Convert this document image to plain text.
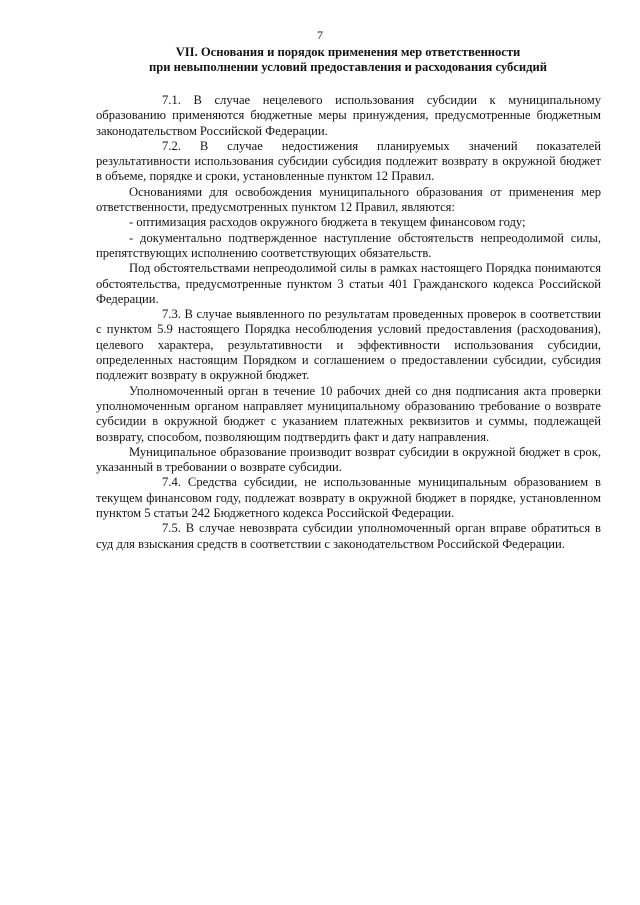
7
VII. Основания и порядок применения мер ответственности
при невыполнении условий предоставления и расходования субсидий

7.1. В случае нецелевого использования субсидии к муниципальному образованию применяются бюджетные меры принуждения, предусмотренные бюджетным законодательством Российской Федерации.

7.2. В случае недостижения планируемых значений показателей результативности использования субсидии субсидия подлежит возврату в окружной бюджет в объеме, порядке и сроки, установленные пунктом 12 Правил.

Основаниями для освобождения муниципального образования от применения мер ответственности, предусмотренных пунктом 12 Правил, являются:

- оптимизация расходов окружного бюджета в текущем финансовом году;

- документально подтвержденное наступление обстоятельств непреодолимой силы, препятствующих исполнению соответствующих обязательств.

Под обстоятельствами непреодолимой силы в рамках настоящего Порядка понимаются обстоятельства, предусмотренные пунктом 3 статьи 401 Гражданского кодекса Российской Федерации.

7.3. В случае выявленного по результатам проведенных проверок в соответствии с пунктом 5.9 настоящего Порядка несоблюдения условий предоставления (расходования), целевого характера, результативности и эффективности использования субсидии, определенных настоящим Порядком и соглашением о предоставлении субсидии, субсидия подлежит возврату в окружной бюджет.

Уполномоченный орган в течение 10 рабочих дней со дня подписания акта проверки уполномоченным органом направляет муниципальному образованию требование о возврате субсидии в окружной бюджет с указанием платежных реквизитов и суммы, подлежащей возврату, способом, позволяющим подтвердить факт и дату направления.

Муниципальное образование производит возврат субсидии в окружной бюджет в срок, указанный в требовании о возврате субсидии.

7.4. Средства субсидии, не использованные муниципальным образованием в текущем финансовом году, подлежат возврату в окружной бюджет в порядке, установленном пунктом 5 статьи 242 Бюджетного кодекса Российской Федерации.

7.5. В случае невозврата субсидии уполномоченный орган вправе обратиться в суд для взыскания средств в соответствии с законодательством Российской Федерации.
